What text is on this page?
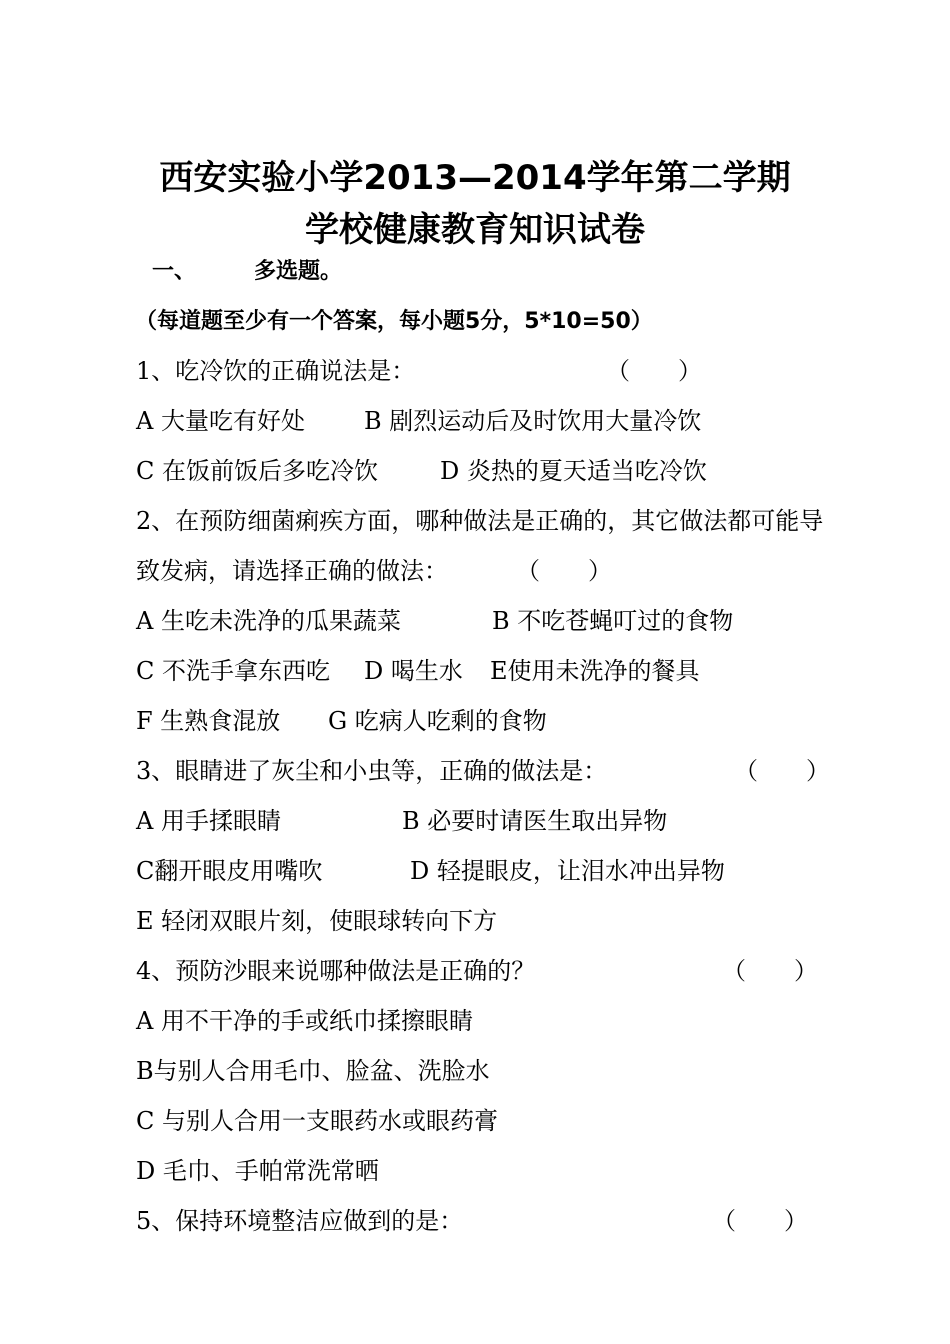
西安实验小学2013—2014学年第二学期
学校健康教育知识试卷
一、	多选题。
（每道题至少有一个答案，每小题5分，5*10=50）
1、吃冷饮的正确说法是：	（　　）
A 大量吃有好处 B 剧烈运动后及时饮用大量冷饮
C 在饭前饭后多吃冷饮	D 炎热的夏天适当吃冷饮
2、在预防细菌痢疾方面，哪种做法是正确的，其它做法都可能导
致发病，请选择正确的做法：	（　　）
A 生吃未洗净的瓜果蔬菜	B 不吃苍蝇叮过的食物
C 不洗手拿东西吃 D 喝生水 E使用未洗净的餐具
F 生熟食混放 G 吃病人吃剩的食物
3、眼睛进了灰尘和小虫等，正确的做法是：	（　　）
A 用手揉眼睛	B 必要时请医生取出异物
C翻开眼皮用嘴吹	D 轻提眼皮，让泪水冲出异物
E 轻闭双眼片刻，使眼球转向下方
4、预防沙眼来说哪种做法是正确的？	（　　）
A 用不干净的手或纸巾揉擦眼睛
B与别人合用毛巾、脸盆、洗脸水
C 与别人合用一支眼药水或眼药膏
D 毛巾、手帕常洗常晒
5、保持环境整洁应做到的是：	（　　）
